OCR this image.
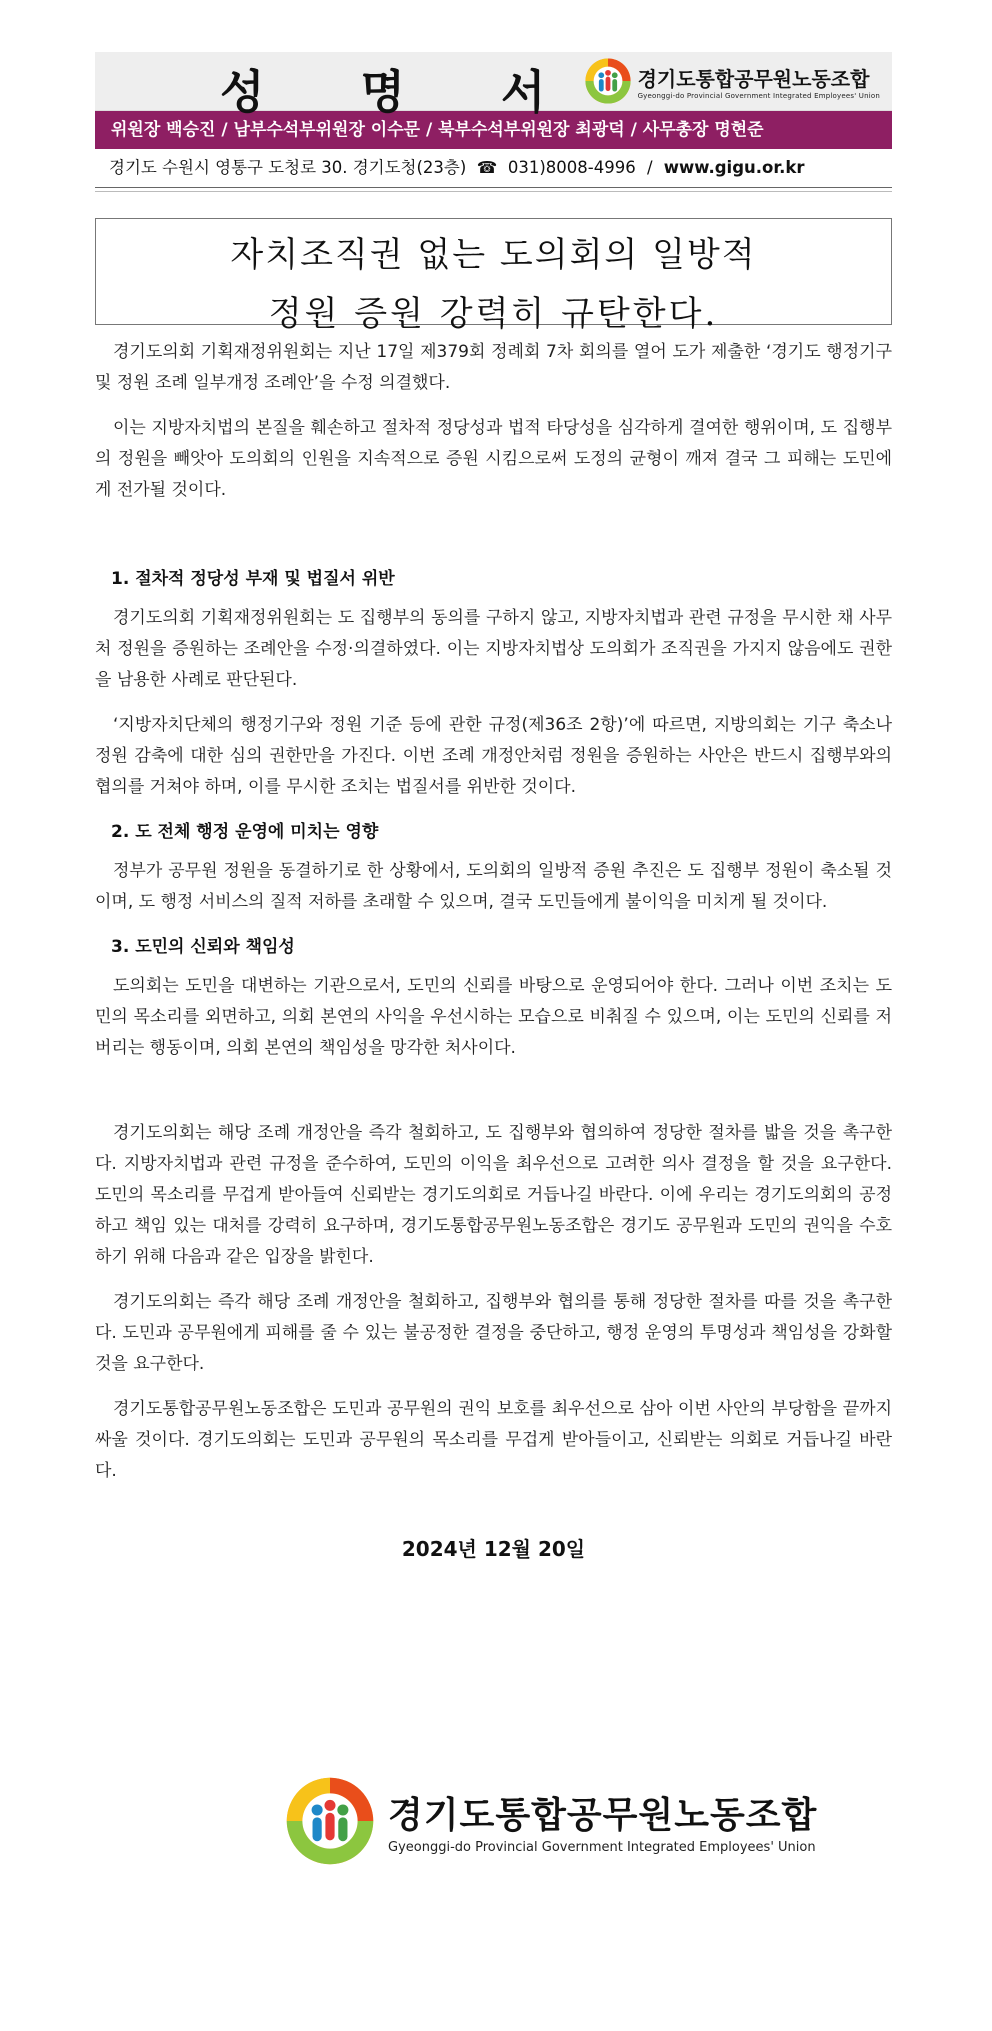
성 명 서	경기도통합공무원노동조합
Gyeonggi-do Provincial Government Integrated Employees' Union
위원장 백승진 / 남부수석부위원장 이수문 / 북부수석부위원장 최광덕 / 사무총장 명현준
경기도 수원시 영통구 도청로 30. 경기도청(23층)  ☎  031)8008-4996 / www.gigu.or.kr
자치조직권 없는 도의회의 일방적
정원 증원 강력히 규탄한다.

경기도의회 기획재정위원회는 지난 17일 제379회 정례회 7차 회의를 열어 도가 제출한 ‘경기도 행정기구 및 정원 조례 일부개정 조례안’을 수정 의결했다.

이는 지방자치법의 본질을 훼손하고 절차적 정당성과 법적 타당성을 심각하게 결여한 행위이며, 도 집행부의 정원을 빼앗아 도의회의 인원을 지속적으로 증원 시킴으로써 도정의 균형이 깨져 결국 그 피해는 도민에게 전가될 것이다.

1. 절차적 정당성 부재 및 법질서 위반

경기도의회 기획재정위원회는 도 집행부의 동의를 구하지 않고, 지방자치법과 관련 규정을 무시한 채 사무처 정원을 증원하는 조례안을 수정·의결하였다. 이는 지방자치법상 도의회가 조직권을 가지지 않음에도 권한을 남용한 사례로 판단된다.

‘지방자치단체의 행정기구와 정원 기준 등에 관한 규정(제36조 2항)’에 따르면, 지방의회는 기구 축소나 정원 감축에 대한 심의 권한만을 가진다. 이번 조례 개정안처럼 정원을 증원하는 사안은 반드시 집행부와의 협의를 거쳐야 하며, 이를 무시한 조치는 법질서를 위반한 것이다.

2. 도 전체 행정 운영에 미치는 영향

정부가 공무원 정원을 동결하기로 한 상황에서, 도의회의 일방적 증원 추진은 도 집행부 정원이 축소될 것이며, 도 행정 서비스의 질적 저하를 초래할 수 있으며, 결국 도민들에게 불이익을 미치게 될 것이다.

3. 도민의 신뢰와 책임성

도의회는 도민을 대변하는 기관으로서, 도민의 신뢰를 바탕으로 운영되어야 한다. 그러나 이번 조치는 도민의 목소리를 외면하고, 의회 본연의 사익을 우선시하는 모습으로 비춰질 수 있으며, 이는 도민의 신뢰를 저버리는 행동이며, 의회 본연의 책임성을 망각한 처사이다.

경기도의회는 해당 조례 개정안을 즉각 철회하고, 도 집행부와 협의하여 정당한 절차를 밟을 것을 촉구한다. 지방자치법과 관련 규정을 준수하여, 도민의 이익을 최우선으로 고려한 의사 결정을 할 것을 요구한다. 도민의 목소리를 무겁게 받아들여 신뢰받는 경기도의회로 거듭나길 바란다. 이에 우리는 경기도의회의 공정하고 책임 있는 대처를 강력히 요구하며, 경기도통합공무원노동조합은 경기도 공무원과 도민의 권익을 수호하기 위해 다음과 같은 입장을 밝힌다.

경기도의회는 즉각 해당 조례 개정안을 철회하고, 집행부와 협의를 통해 정당한 절차를 따를 것을 촉구한다. 도민과 공무원에게 피해를 줄 수 있는 불공정한 결정을 중단하고, 행정 운영의 투명성과 책임성을 강화할 것을 요구한다.

경기도통합공무원노동조합은 도민과 공무원의 권익 보호를 최우선으로 삼아 이번 사안의 부당함을 끝까지 싸울 것이다. 경기도의회는 도민과 공무원의 목소리를 무겁게 받아들이고, 신뢰받는 의회로 거듭나길 바란다.

2024년 12월 20일
경기도통합공무원노동조합
Gyeonggi-do Provincial Government Integrated Employees' Union
